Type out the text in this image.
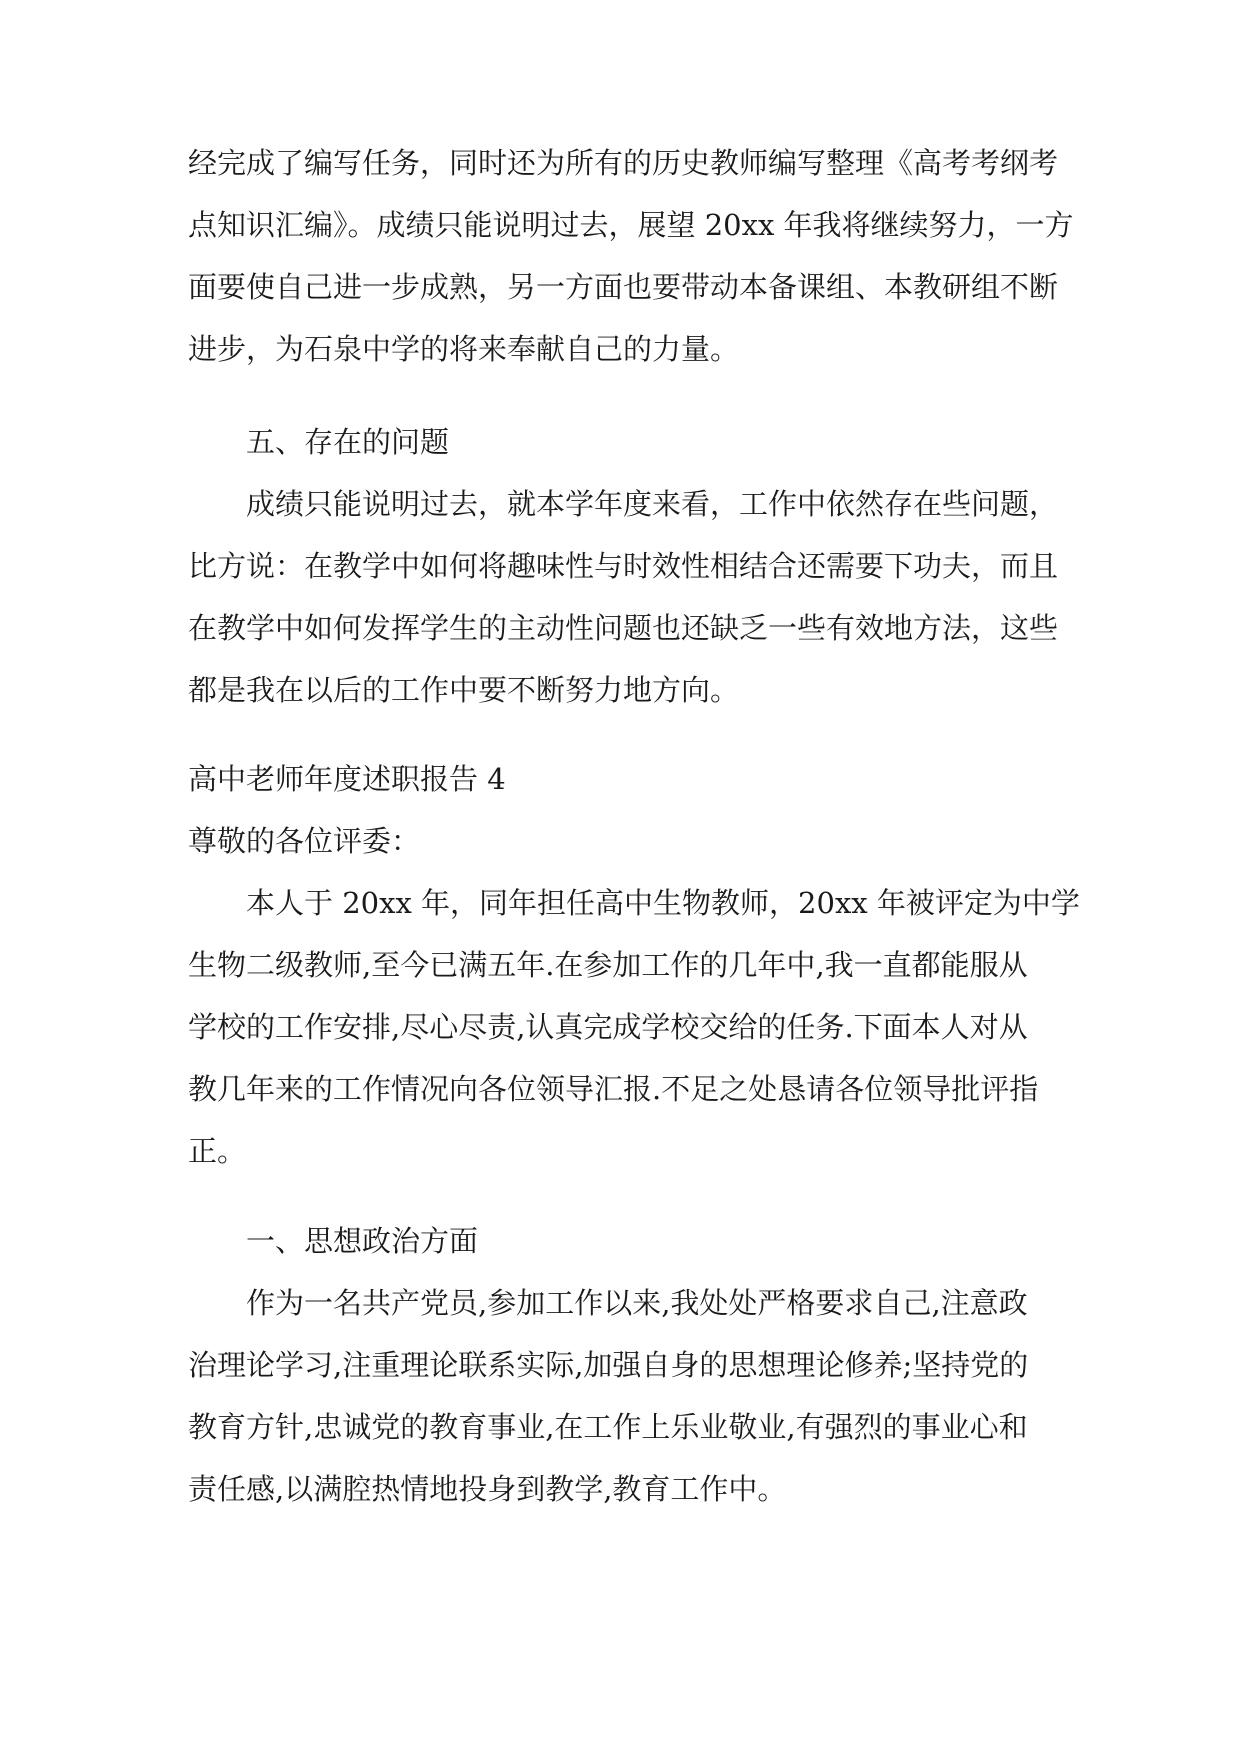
经完成了编写任务，同时还为所有的历史教师编写整理《高考考纲考
点知识汇编》。成绩只能说明过去，展望 20xx 年我将继续努力，一方
面要使自己进一步成熟，另一方面也要带动本备课组、本教研组不断
进步，为石泉中学的将来奉献自己的力量。
五、存在的问题
成绩只能说明过去，就本学年度来看，工作中依然存在些问题，
比方说：在教学中如何将趣味性与时效性相结合还需要下功夫，而且
在教学中如何发挥学生的主动性问题也还缺乏一些有效地方法，这些
都是我在以后的工作中要不断努力地方向。
高中老师年度述职报告 4
尊敬的各位评委：
本人于 20xx 年，同年担任高中生物教师，20xx 年被评定为中学
生物二级教师,至今已满五年.在参加工作的几年中,我一直都能服从
学校的工作安排,尽心尽责,认真完成学校交给的任务.下面本人对从
教几年来的工作情况向各位领导汇报.不足之处恳请各位领导批评指
正。
一、思想政治方面
作为一名共产党员,参加工作以来,我处处严格要求自己,注意政
治理论学习,注重理论联系实际,加强自身的思想理论修养;坚持党的
教育方针,忠诚党的教育事业,在工作上乐业敬业,有强烈的事业心和
责任感,以满腔热情地投身到教学,教育工作中。
